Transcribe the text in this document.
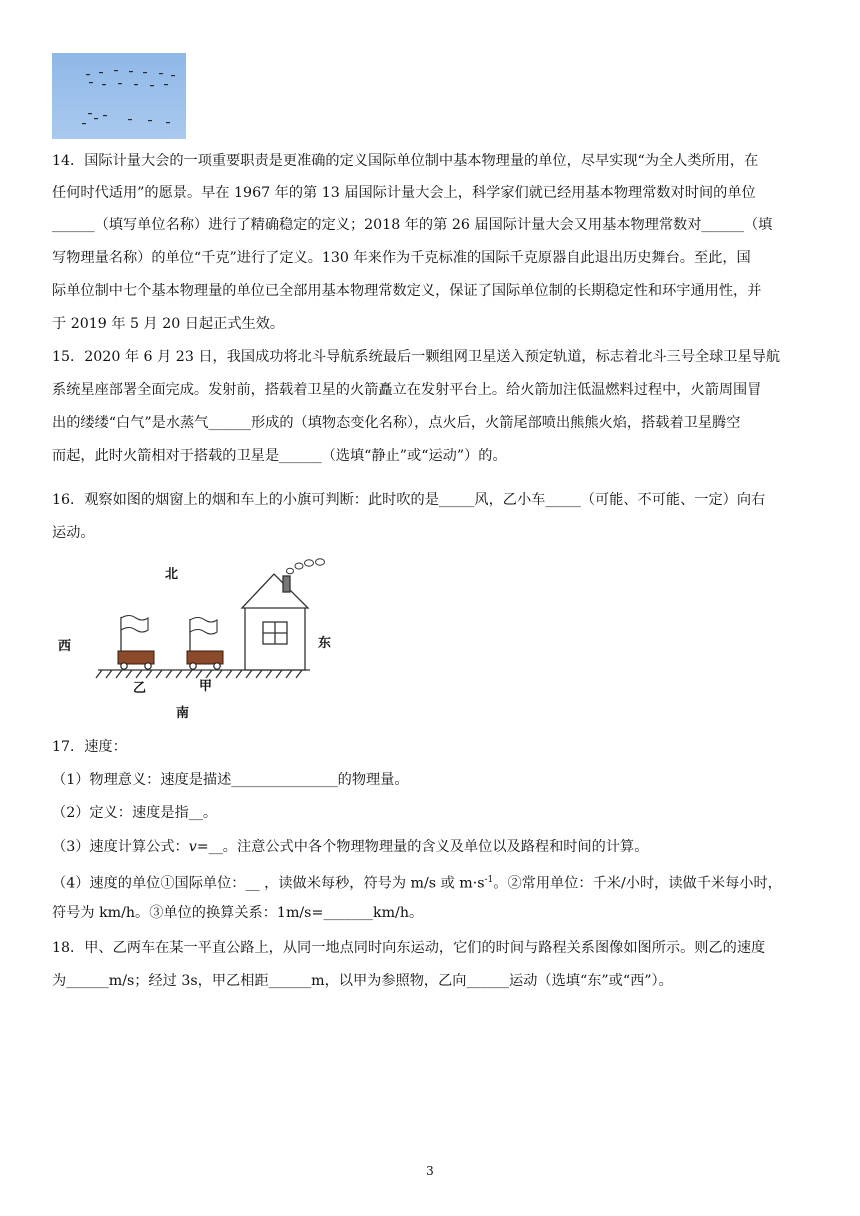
14．国际计量大会的一项重要职责是更准确的定义国际单位制中基本物理量的单位，尽早实现“为全人类所用，在
任何时代适用”的愿景。早在 1967 年的第 13 届国际计量大会上，科学家们就已经用基本物理常数对时间的单位
______（填写单位名称）进行了精确稳定的定义；2018 年的第 26 届国际计量大会又用基本物理常数对______（填
写物理量名称）的单位“千克”进行了定义。130 年来作为千克标准的国际千克原器自此退出历史舞台。至此，国
际单位制中七个基本物理量的单位已全部用基本物理常数定义，保证了国际单位制的长期稳定性和环宇通用性，并
于 2019 年 5 月 20 日起正式生效。
15．2020 年 6 月 23 日，我国成功将北斗导航系统最后一颗组网卫星送入预定轨道，标志着北斗三号全球卫星导航
系统星座部署全面完成。发射前，搭载着卫星的火箭矗立在发射平台上。给火箭加注低温燃料过程中，火箭周围冒
出的缕缕“白气”是水蒸气______形成的（填物态变化名称），点火后，火箭尾部喷出熊熊火焰，搭载着卫星腾空
而起，此时火箭相对于搭载的卫星是______（选填“静止”或“运动”）的。
16．观察如图的烟窗上的烟和车上的小旗可判断：此时吹的是_____风，乙小车_____（可能、不可能、一定）向右
运动。
北
南
西	东
乙	甲
17．速度：
（1）物理意义：速度是描述_______________的物理量。
（2）定义：速度是指__。
（3）速度计算公式：v=__。注意公式中各个物理物理量的含义及单位以及路程和时间的计算。
（4）速度的单位①国际单位：__ ，读做米每秒，符号为 m/s 或 $m\cdot s^{-1}$。②常用单位：千米/小时，读做千米每小时，
符号为 km/h。③单位的换算关系：1m/s=_______km/h。
18．甲、乙两车在某一平直公路上，从同一地点同时向东运动，它们的时间与路程关系图像如图所示。则乙的速度
为______m/s；经过 3s，甲乙相距______m，以甲为参照物，乙向______运动（选填“东”或“西”）。
3
